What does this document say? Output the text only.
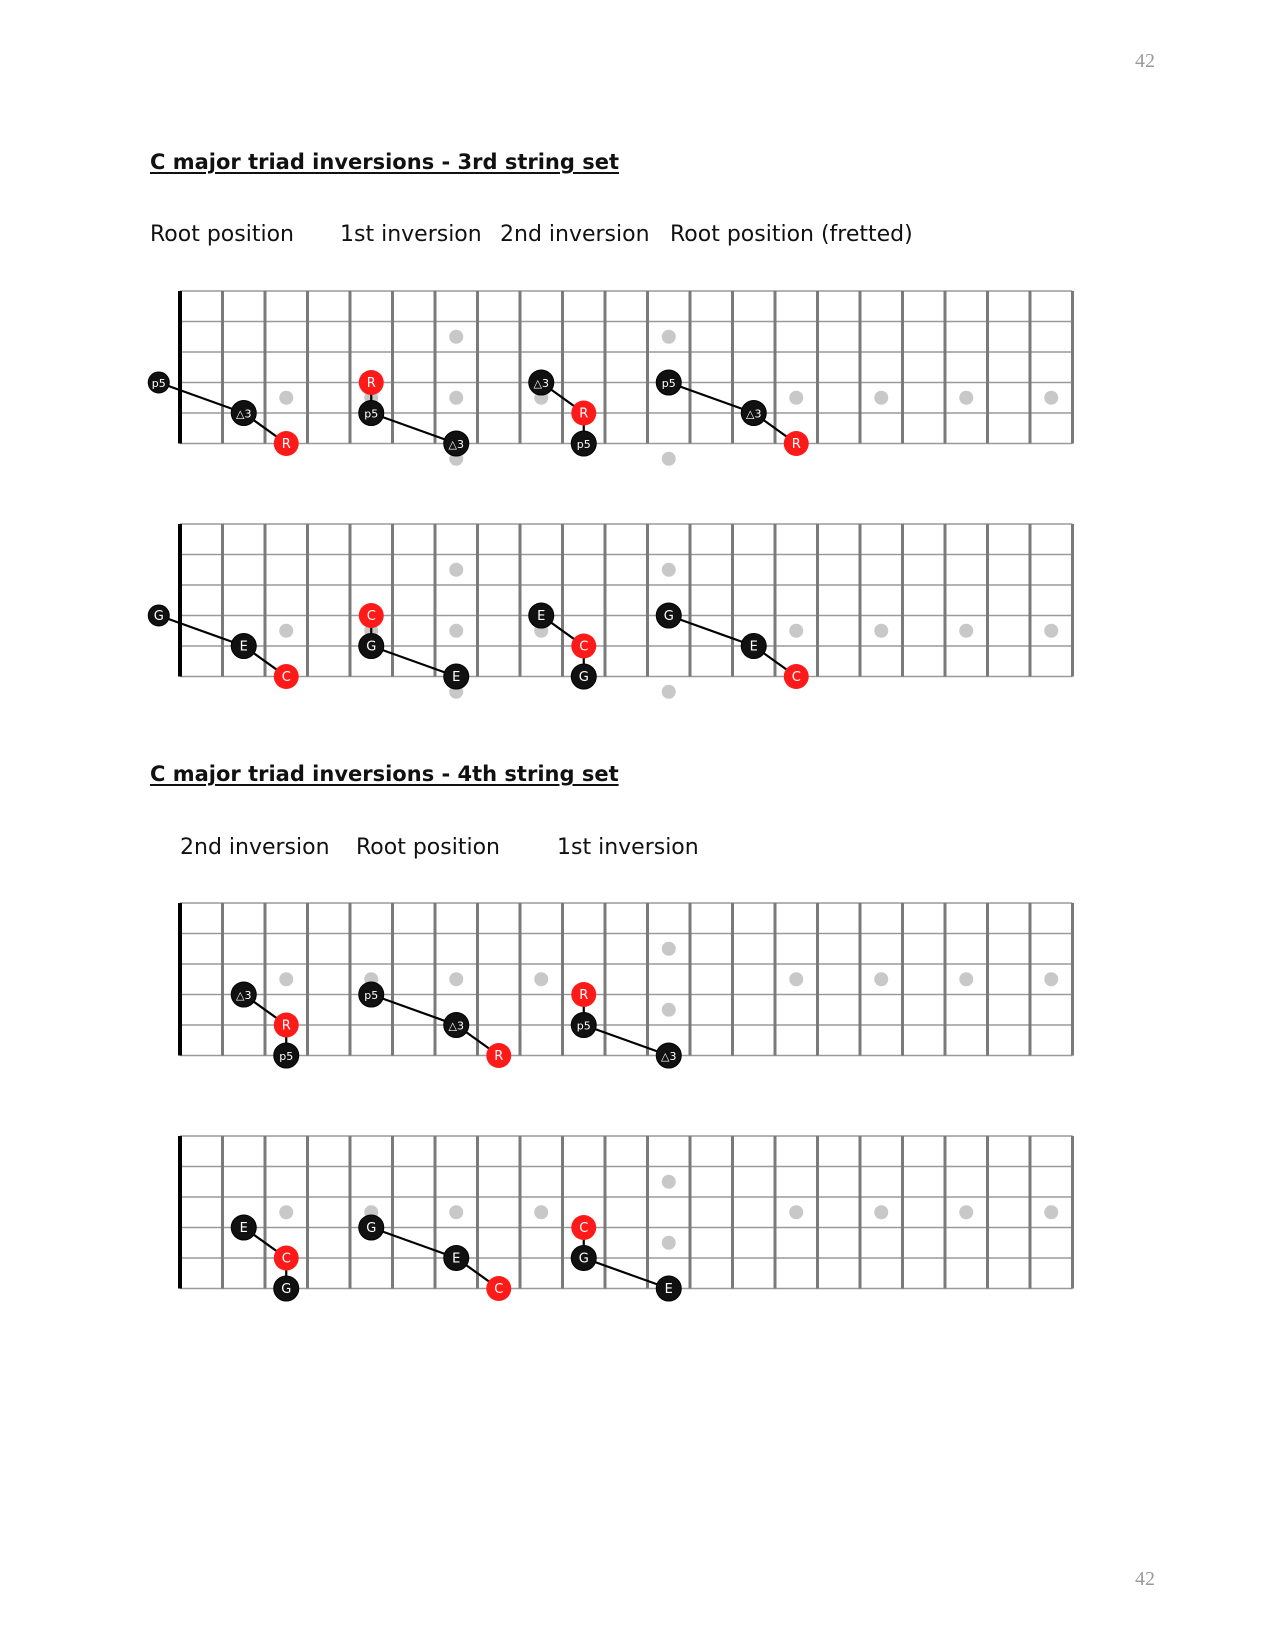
42
C major triad inversions - 3rd string set
Root position 1st inversion 2nd inversion Root position (fretted)
p5
△3
R
R
p5
△3
△3
R
p5
p5
△3
R
G
E
C
C
G
E
E
C
G
G
E
C
C major triad inversions - 4th string set
2nd inversion Root position	1st inversion
△3
R
p5
p5
△3
R
R
p5
△3
E
C
G
G
E
C
C
G
E
42
